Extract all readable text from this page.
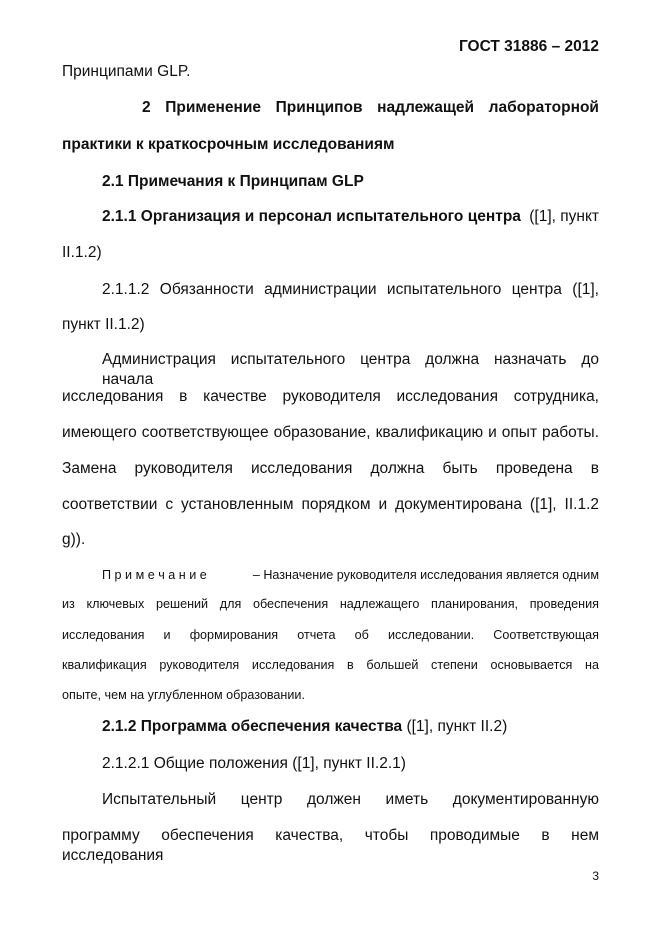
ГОСТ 31886 – 2012
Принципами GLP.
2 Применение Принципов надлежащей лабораторной
практики к краткосрочным исследованиям
2.1 Примечания к Принципам GLP
2.1.1 Организация и персонал испытательного центра ([1], пункт
II.1.2)
2.1.1.2 Обязанности администрации испытательного центра ([1],
пункт II.1.2)
Администрация испытательного центра должна назначать до начала
исследования в качестве руководителя исследования сотрудника,
имеющего соответствующее образование, квалификацию и опыт работы.
Замена руководителя исследования должна быть проведена в
соответствии с установленным порядком и документирована ([1], II.1.2
g)).
П р и м е ч а н и е	– Назначение руководителя исследования является одним
из ключевых решений для обеспечения надлежащего планирования, проведения
исследования и формирования отчета об исследовании. Соответствующая
квалификация руководителя исследования в большей степени основывается на
опыте, чем на углубленном образовании.
2.1.2 Программа обеспечения качества ([1], пункт II.2)
2.1.2.1 Общие положения ([1], пункт II.2.1)
Испытательный центр должен иметь документированную
программу обеспечения качества, чтобы проводимые в нем исследования
3
